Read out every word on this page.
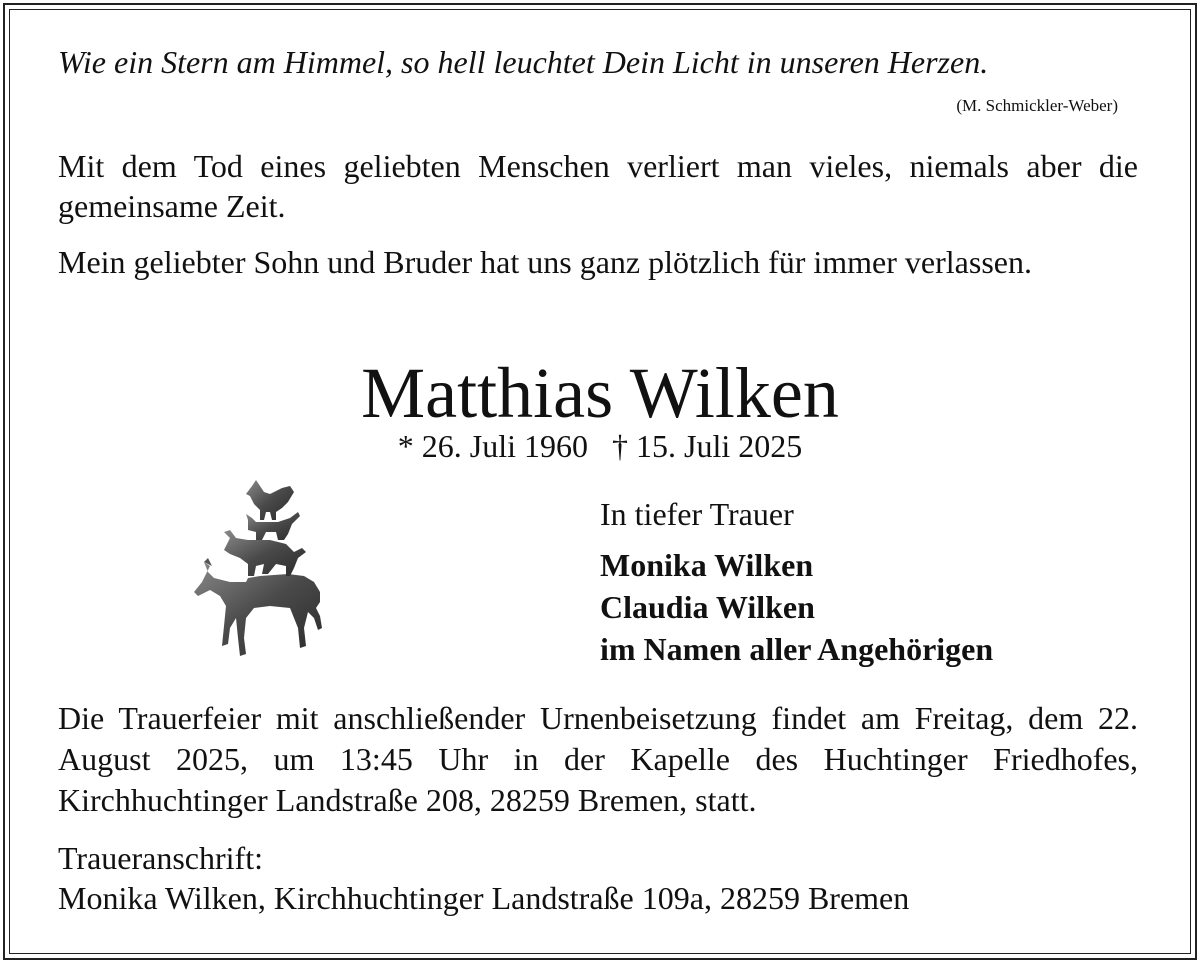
Wie ein Stern am Himmel, so hell leuchtet Dein Licht in unseren Herzen.
(M. Schmickler-Weber)
Mit dem Tod eines geliebten Menschen verliert man vieles, niemals aber die gemeinsame Zeit.
Mein geliebter Sohn und Bruder hat uns ganz plötzlich für immer verlassen.
Matthias Wilken
* 26. Juli 1960   † 15. Juli 2025
In tiefer Trauer
Monika Wilken
Claudia Wilken
im Namen aller Angehörigen
Die Trauerfeier mit anschließender Urnenbeisetzung findet am Freitag, dem 22. August 2025, um 13:45 Uhr in der Kapelle des Huchtinger Friedhofes, Kirchhuchtinger Landstraße 208, 28259 Bremen, statt.
Traueranschrift:
Monika Wilken, Kirchhuchtinger Landstraße 109a, 28259 Bremen
